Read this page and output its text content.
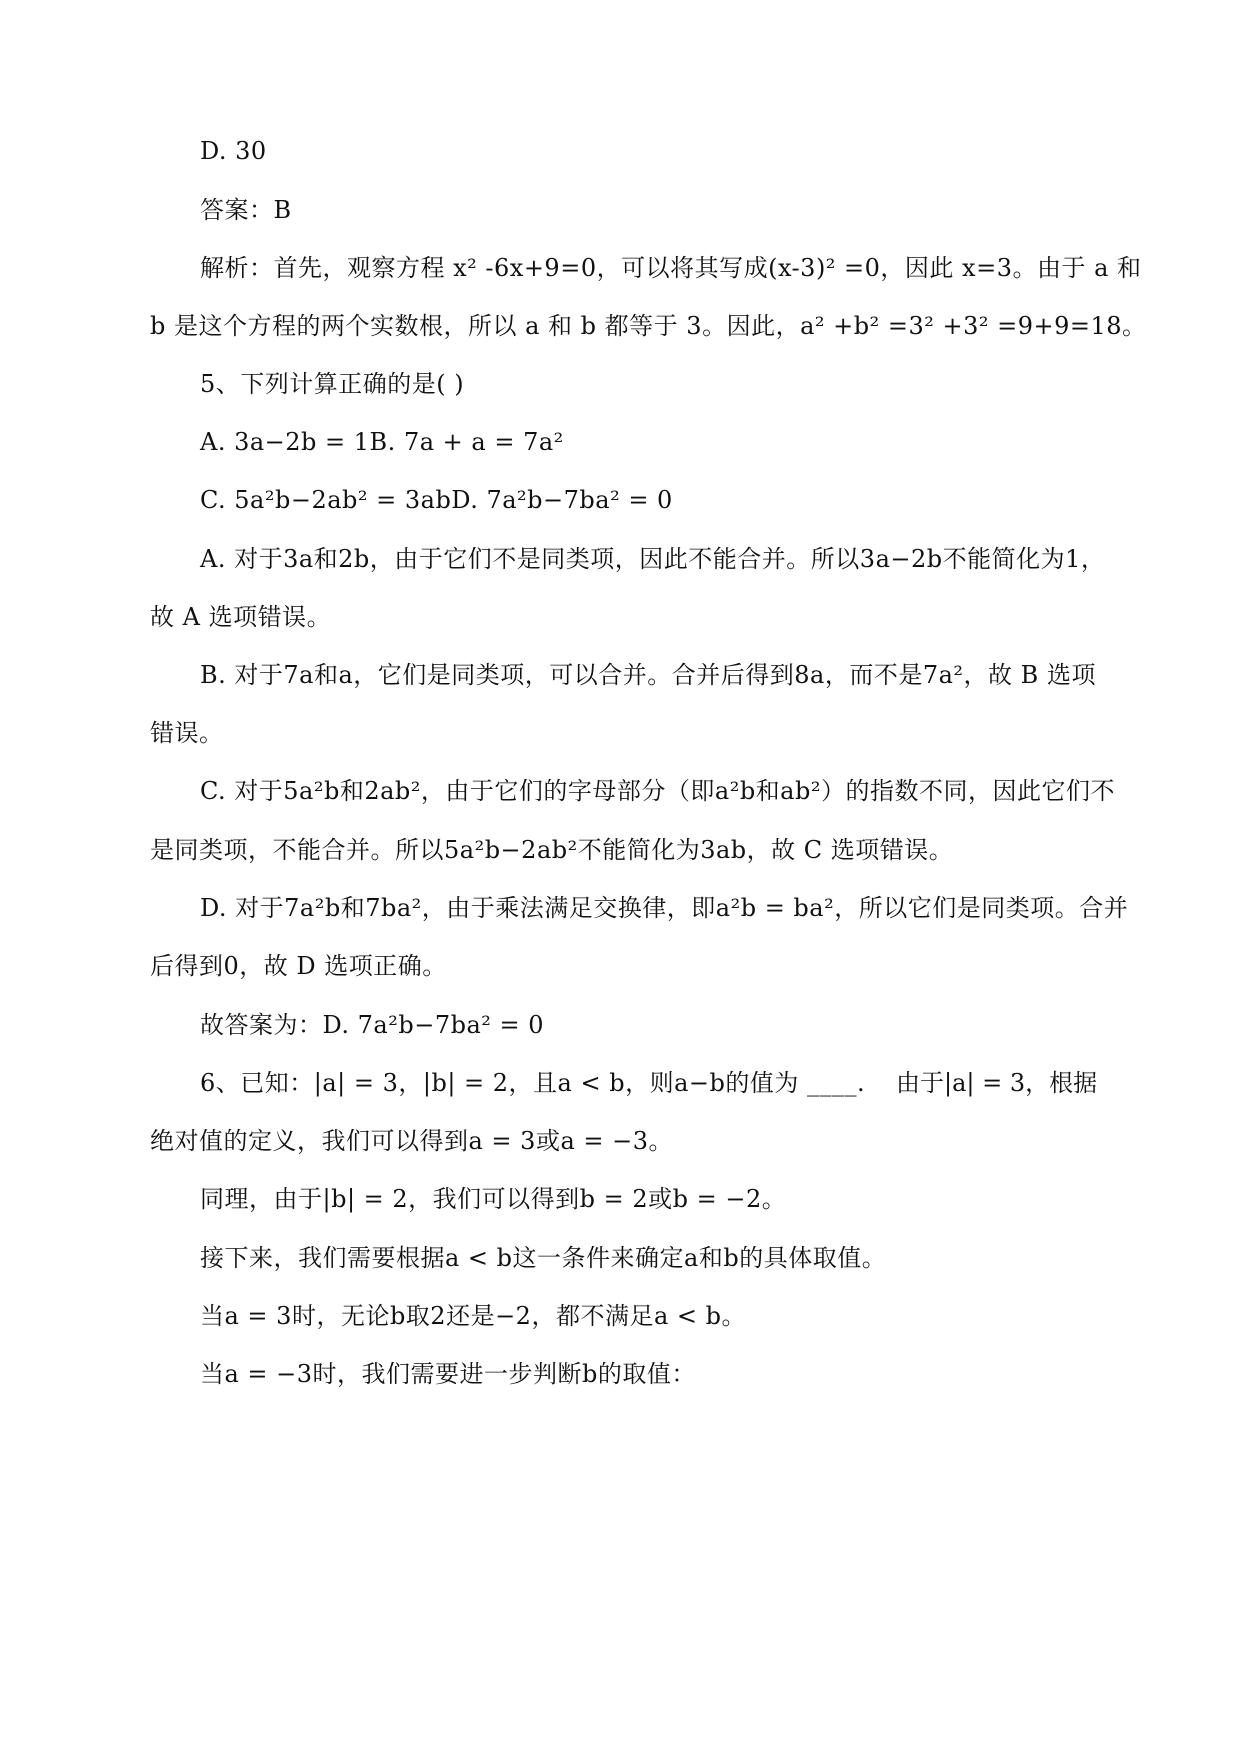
D. 30
答案：B
解析：首先，观察方程 x² -6x+9=0，可以将其写成(x-3)² =0，因此 x=3。由于 a 和
b 是这个方程的两个实数根，所以 a 和 b 都等于 3。因此，a² +b² =3² +3² =9+9=18。
5、下列计算正确的是( )
A. 3a−2b = 1B. 7a + a = 7a²
C. 5a²b−2ab² = 3abD. 7a²b−7ba² = 0
A. 对于3a和2b，由于它们不是同类项，因此不能合并。所以3a−2b不能简化为1，
故 A 选项错误。
B. 对于7a和a，它们是同类项，可以合并。合并后得到8a，而不是7a²，故 B 选项
错误。
C. 对于5a²b和2ab²，由于它们的字母部分（即a²b和ab²）的指数不同，因此它们不
是同类项，不能合并。所以5a²b−2ab²不能简化为3ab，故 C 选项错误。
D. 对于7a²b和7ba²，由于乘法满足交换律，即a²b = ba²，所以它们是同类项。合并
后得到0，故 D 选项正确。
故答案为：D. 7a²b−7ba² = 0
6、已知：|a| = 3，|b| = 2，且a < b，则a−b的值为 ____. 由于|a| = 3，根据
绝对值的定义，我们可以得到a = 3或a = −3。
同理，由于|b| = 2，我们可以得到b = 2或b = −2。
接下来，我们需要根据a < b这一条件来确定a和b的具体取值。
当a = 3时，无论b取2还是−2，都不满足a < b。
当a = −3时，我们需要进一步判断b的取值：
